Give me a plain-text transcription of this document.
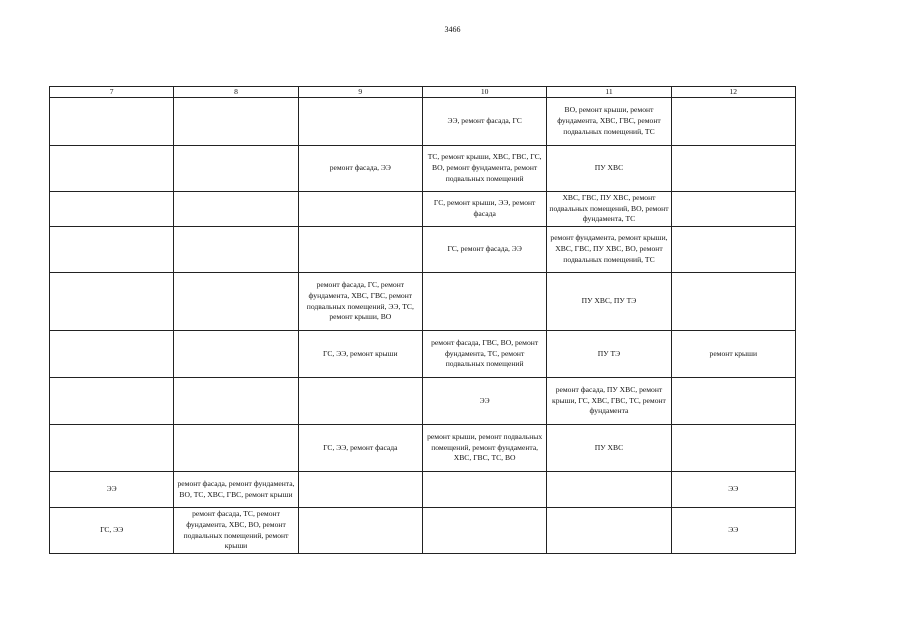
3466
7	8	9	10	11	12
			ЭЭ, ремонт фасада, ГС	ВО, ремонт крыши, ремонт фундамента, ХВС, ГВС, ремонт подвальных помещений, ТС	
		ремонт фасада, ЭЭ	ТС, ремонт крыши, ХВС, ГВС, ГС, ВО, ремонт фундамента, ремонт подвальных помещений	ПУ ХВС	
			ГС, ремонт крыши, ЭЭ, ремонт фасада	ХВС, ГВС, ПУ ХВС, ремонт подвальных помещений, ВО, ремонт фундамента, ТС	
			ГС, ремонт фасада, ЭЭ	ремонт фундамента, ремонт крыши, ХВС, ГВС, ПУ ХВС, ВО, ремонт подвальных помещений, ТС	
		ремонт фасада, ГС, ремонт фундамента, ХВС, ГВС, ремонт подвальных помещений, ЭЭ, ТС, ремонт крыши, ВО		ПУ ХВС, ПУ ТЭ	
		ГС, ЭЭ, ремонт крыши	ремонт фасада, ГВС, ВО, ремонт фундамента, ТС, ремонт подвальных помещений	ПУ ТЭ	ремонт крыши
			ЭЭ	ремонт фасада, ПУ ХВС, ремонт крыши, ГС, ХВС, ГВС, ТС, ремонт фундамента	
		ГС, ЭЭ, ремонт фасада	ремонт крыши, ремонт подвальных помещений, ремонт фундамента, ХВС, ГВС, ТС, ВО	ПУ ХВС	
ЭЭ	ремонт фасада, ремонт фундамента, ВО, ТС, ХВС, ГВС, ремонт крыши				ЭЭ
ГС, ЭЭ	ремонт фасада, ТС, ремонт фундамента, ХВС, ВО, ремонт подвальных помещений, ремонт крыши				ЭЭ
